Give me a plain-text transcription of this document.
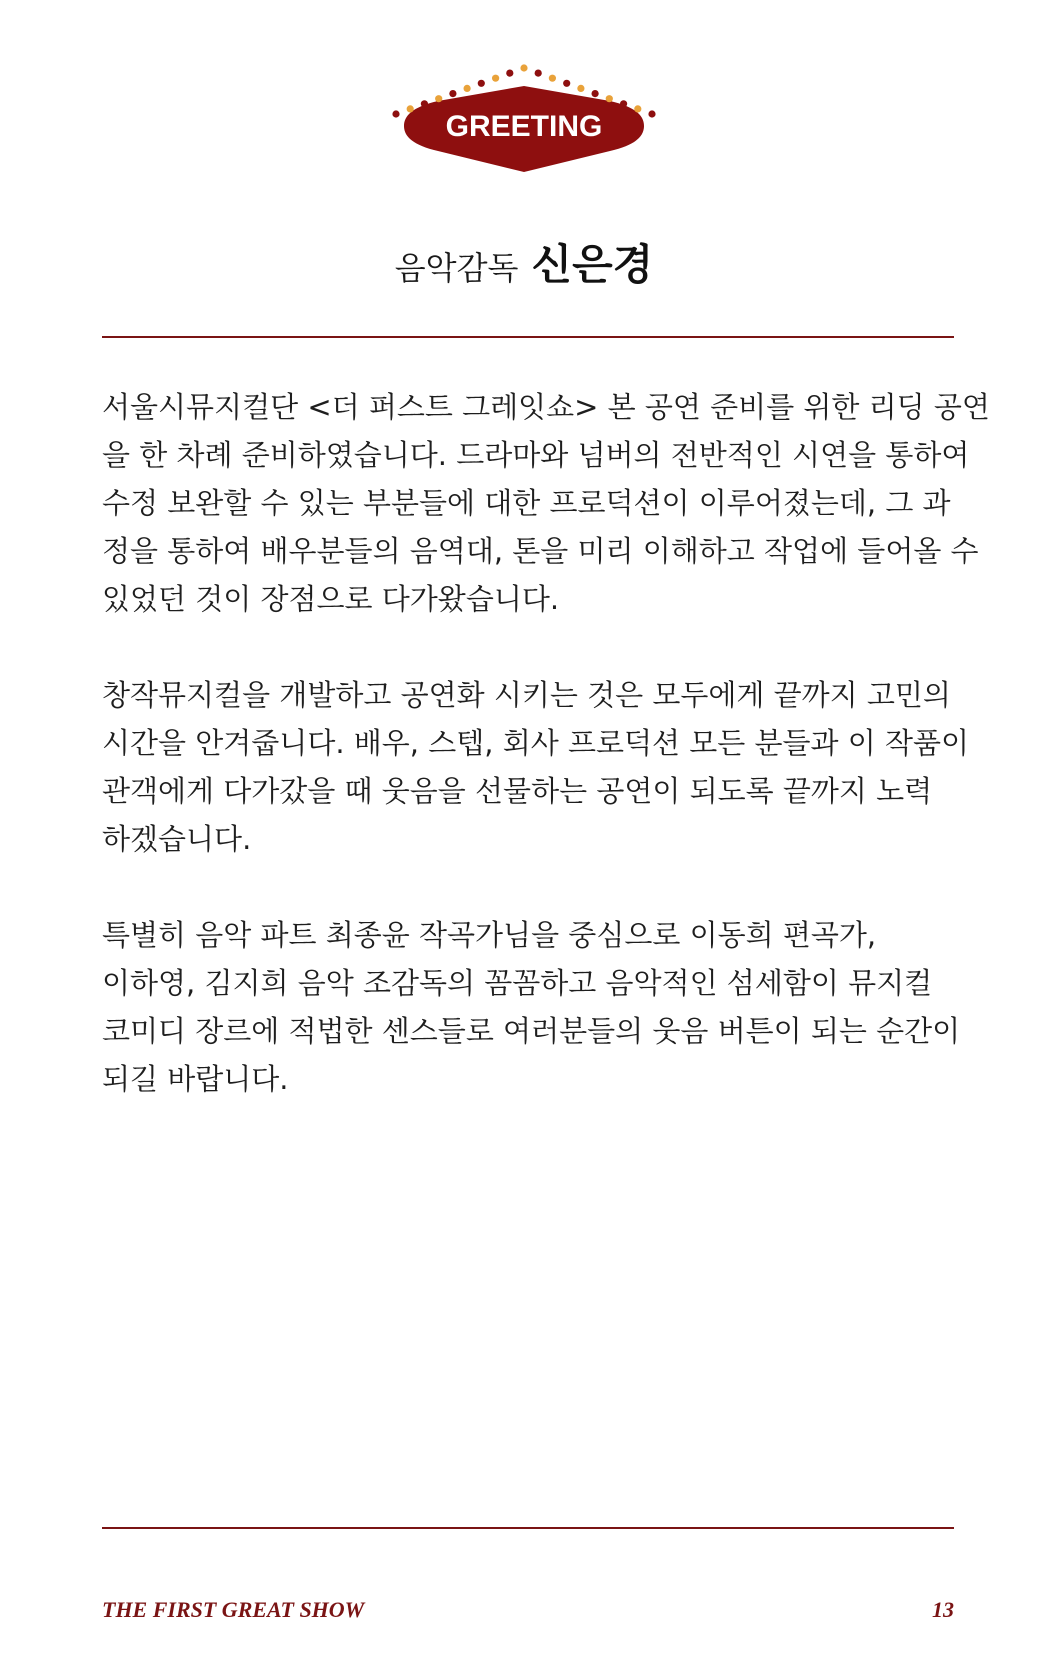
GREETING
음악감독 신은경
서울시뮤지컬단 <더 퍼스트 그레잇쇼> 본 공연 준비를 위한 리딩 공연
을 한 차례 준비하였습니다. 드라마와 넘버의 전반적인 시연을 통하여
수정 보완할 수 있는 부분들에 대한 프로덕션이 이루어졌는데, 그 과
정을 통하여 배우분들의 음역대, 톤을 미리 이해하고 작업에 들어올 수
있었던 것이 장점으로 다가왔습니다.
창작뮤지컬을 개발하고 공연화 시키는 것은 모두에게 끝까지 고민의
시간을 안겨줍니다. 배우, 스텝, 회사 프로덕션 모든 분들과 이 작품이
관객에게 다가갔을 때 웃음을 선물하는 공연이 되도록 끝까지 노력
하겠습니다.
특별히 음악 파트 최종윤 작곡가님을 중심으로 이동희 편곡가,
이하영, 김지희 음악 조감독의 꼼꼼하고 음악적인 섬세함이 뮤지컬
코미디 장르에 적법한 센스들로 여러분들의 웃음 버튼이 되는 순간이
되길 바랍니다.
THE FIRST GREAT SHOW	13
